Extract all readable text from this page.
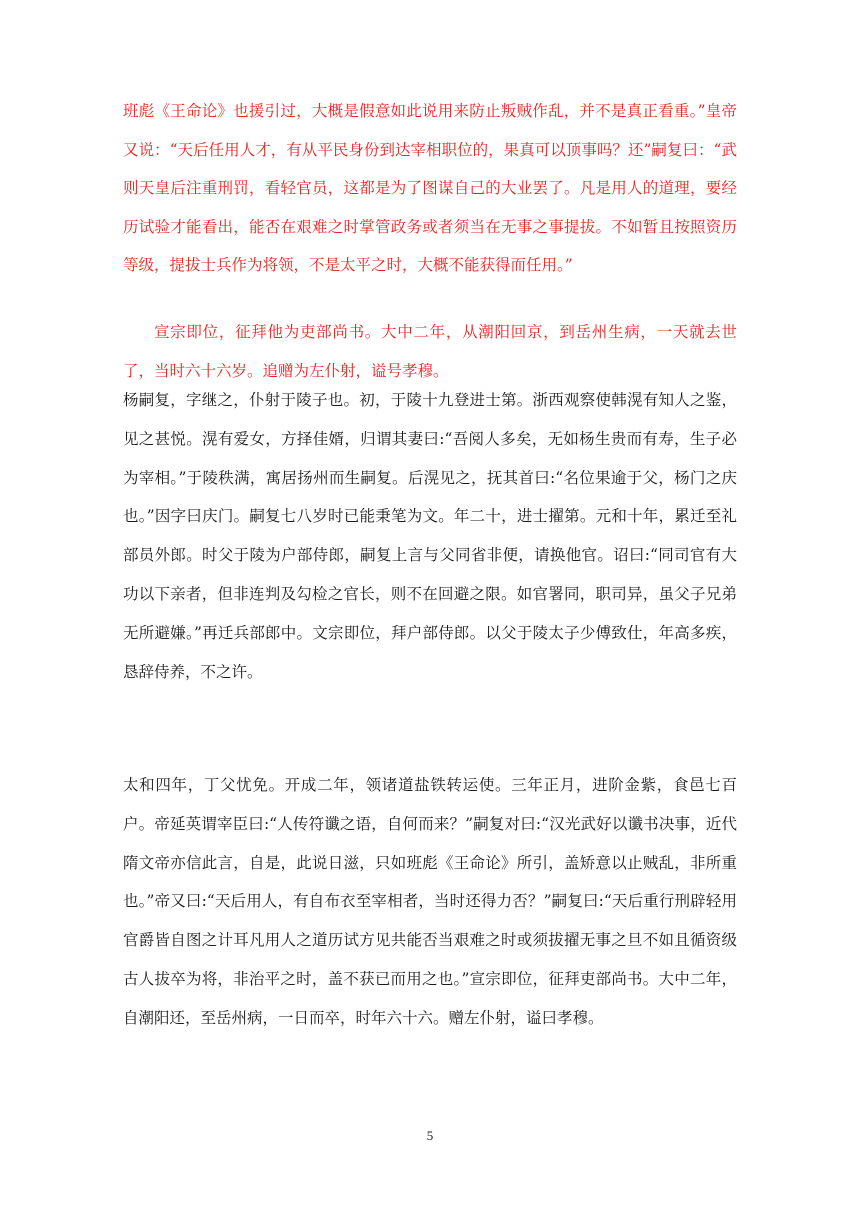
班彪《王命论》也援引过，大概是假意如此说用来防止叛贼作乱，并不是真正看重。”皇帝又说：“天后任用人才，有从平民身份到达宰相职位的，果真可以顶事吗？还”嗣复曰：“武则天皇后注重刑罚，看轻官员，这都是为了图谋自己的大业罢了。凡是用人的道理，要经历试验才能看出，能否在艰难之时掌管政务或者须当在无事之事提拔。不如暂且按照资历等级，提拔士兵作为将领，不是太平之时，大概不能获得而任用。”

宣宗即位，征拜他为吏部尚书。大中二年，从潮阳回京，到岳州生病，一天就去世了，当时六十六岁。追赠为左仆射，谥号孝穆。

杨嗣复，字继之，仆射于陵子也。初，于陵十九登进士第。浙西观察使韩滉有知人之鉴，见之甚悦。滉有爱女，方择佳婿，归谓其妻曰:“吾阅人多矣，无如杨生贵而有寿，生子必为宰相。”于陵秩满，寓居扬州而生嗣复。后滉见之，抚其首曰:“名位果逾于父，杨门之庆也。”因字曰庆门。嗣复七八岁时已能秉笔为文。年二十，进士擢第。元和十年，累迁至礼部员外郎。时父于陵为户部侍郎，嗣复上言与父同省非便，请换他官。诏曰:“同司官有大功以下亲者，但非连判及勾检之官长，则不在回避之限。如官署同，职司异，虽父子兄弟无所避嫌。”再迁兵部郎中。文宗即位，拜户部侍郎。以父于陵太子少傅致仕，年高多疾，恳辞侍养，不之许。

太和四年，丁父忧免。开成二年，领诸道盐铁转运使。三年正月，进阶金紫，食邑七百户。帝延英谓宰臣曰:“人传符谶之语，自何而来？”嗣复对曰:“汉光武好以谶书决事，近代隋文帝亦信此言，自是，此说日滋，只如班彪《王命论》所引，盖矫意以止贼乱，非所重也。”帝又曰:“天后用人，有自布衣至宰相者，当时还得力否？”嗣复曰:“天后重行刑辟轻用官爵皆自图之计耳凡用人之道历试方见共能否当艰难之时或须拔擢无事之旦不如且循资级古人拔卒为将，非治平之时，盖不获已而用之也。”宣宗即位，征拜吏部尚书。大中二年，自潮阳还，至岳州病，一日而卒，时年六十六。赠左仆射，谥曰孝穆。

5
